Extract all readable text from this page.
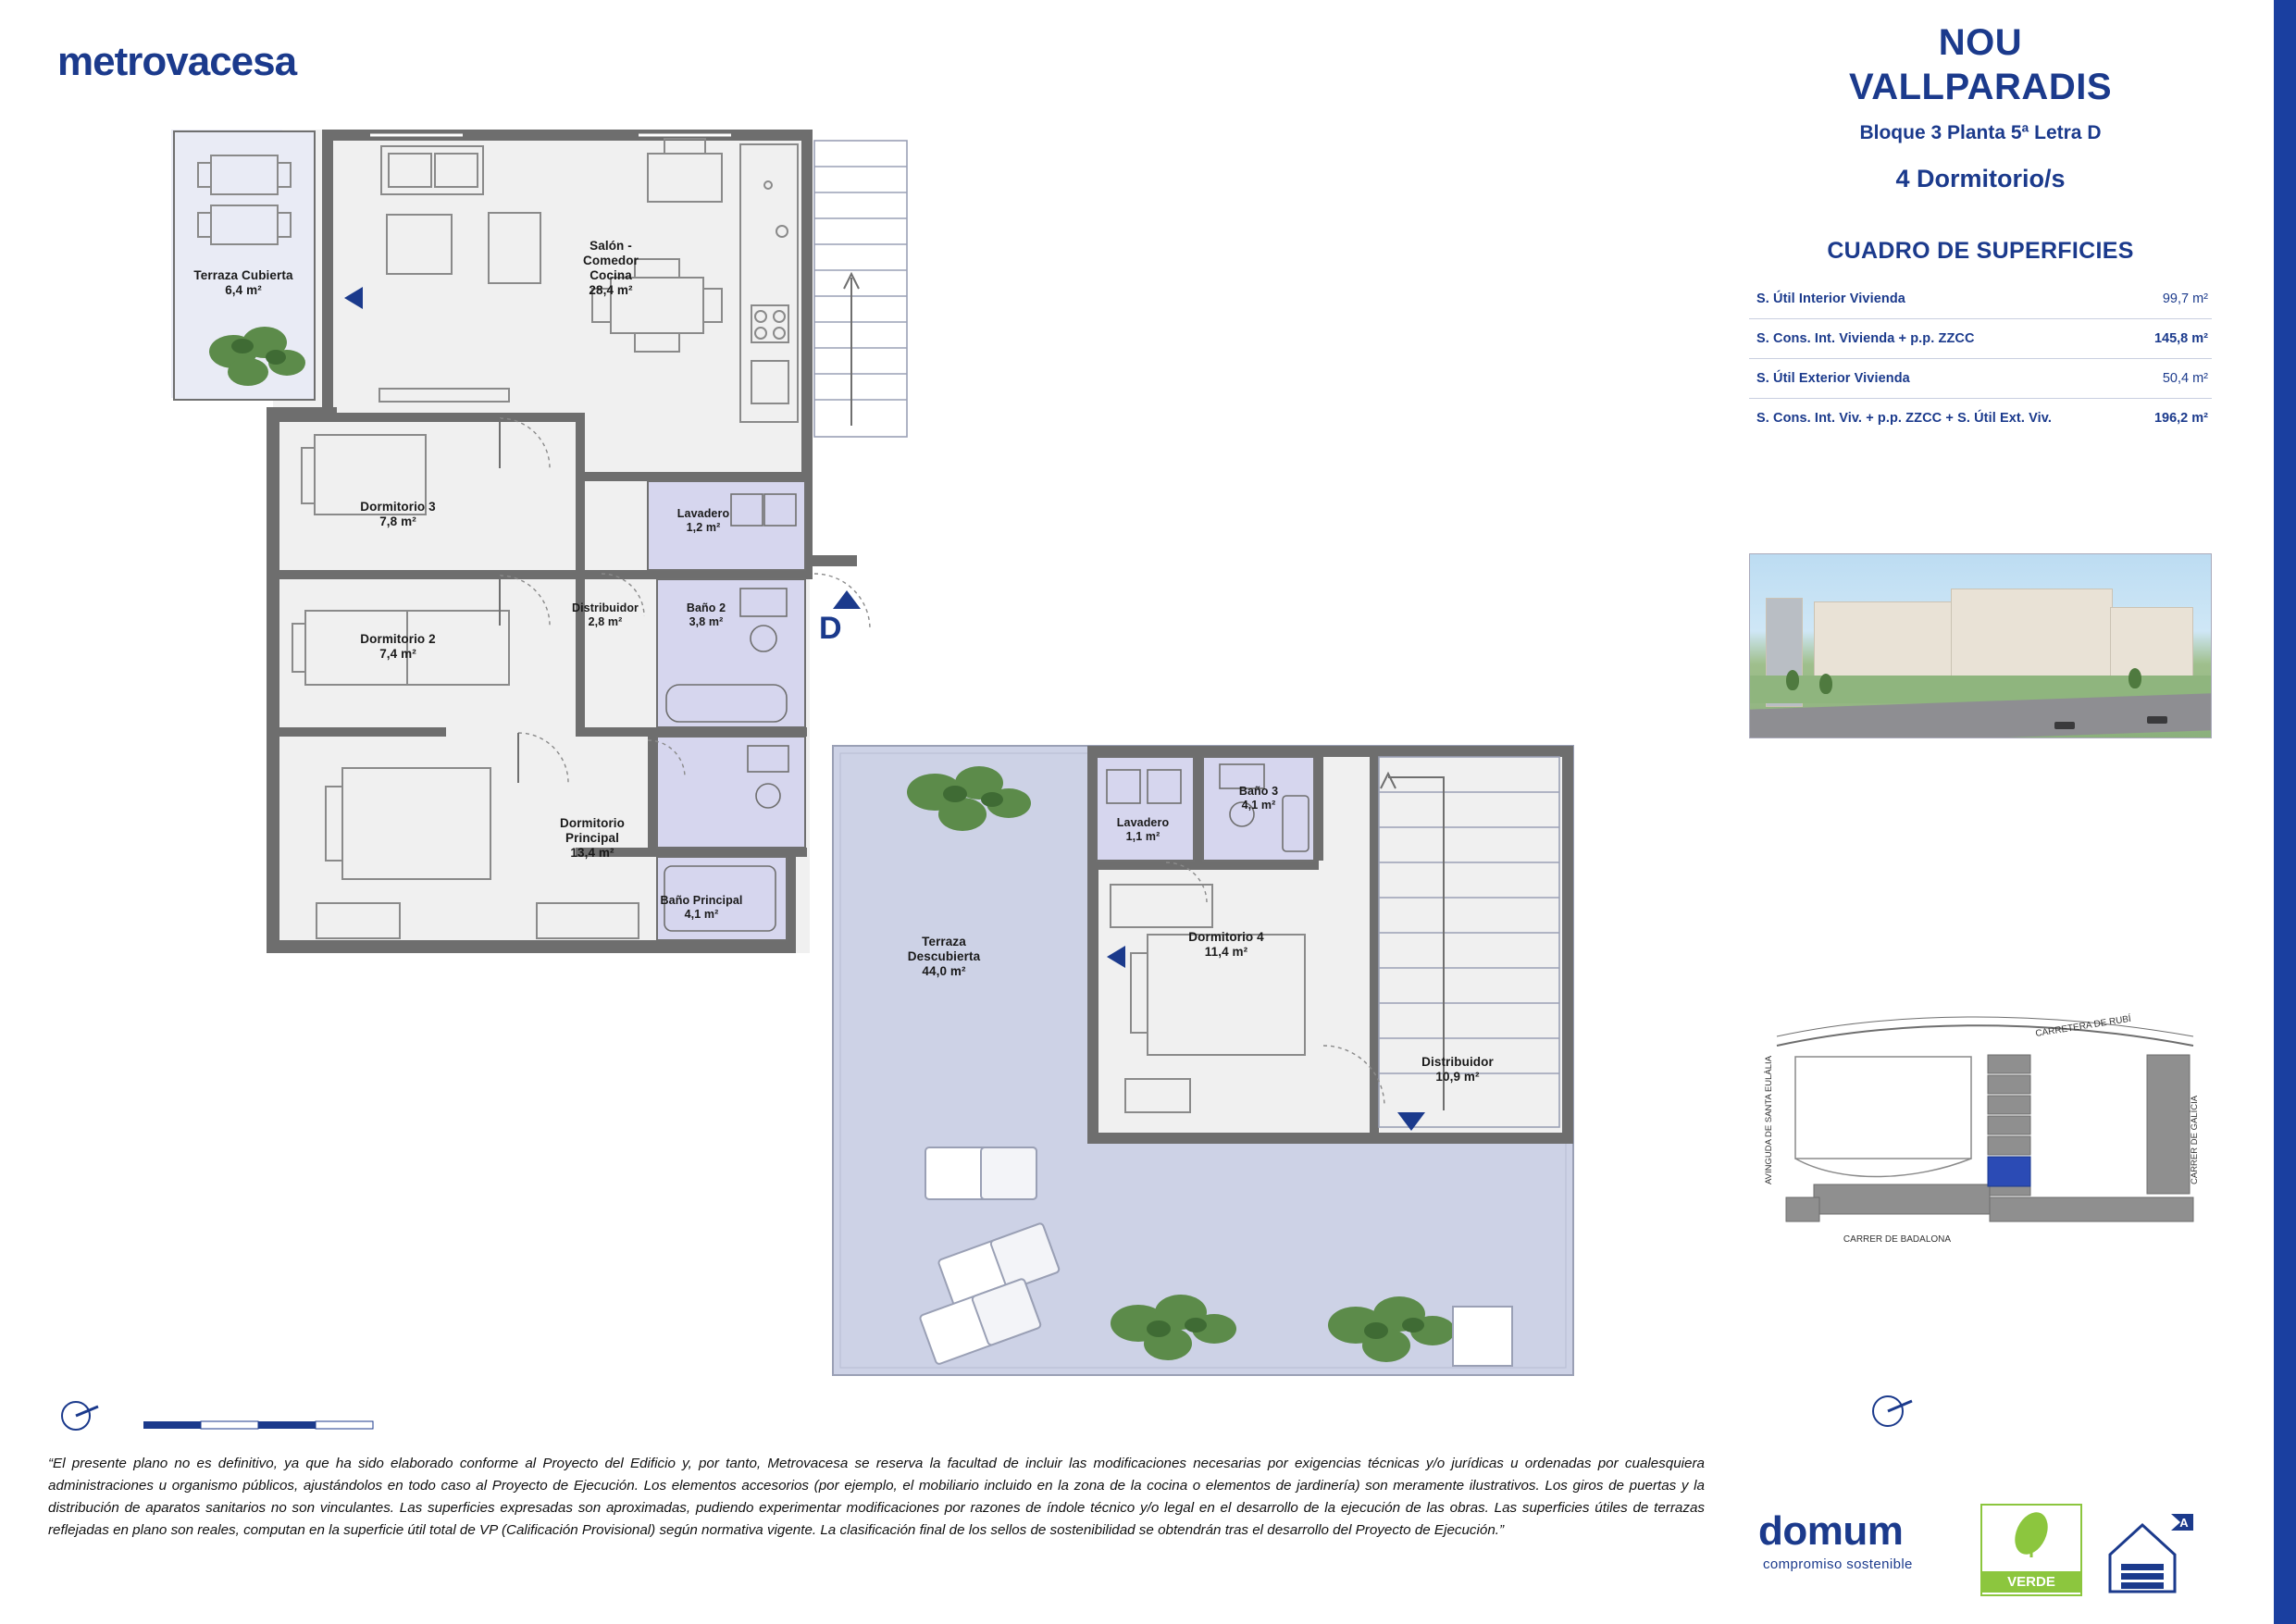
metrovacesa
Terraza Cubierta
6,4 m²
Salón -
Comedor
Cocina
28,4 m²
Dormitorio 3
7,8 m²
Lavadero
1,2 m²
Distribuidor
2,8 m²
Baño 2
3,8 m²
Dormitorio 2
7,4 m²
Dormitorio
Principal
13,4 m²
Baño Principal
4,1 m²
Terraza
Descubierta
44,0 m²
Lavadero
1,1 m²
Baño 3
4,1 m²
Dormitorio 4
11,4 m²
Distribuidor
10,9 m²
D
NOU
VALLPARADIS
Bloque 3 Planta 5ª Letra D
4 Dormitorio/s
CUADRO DE SUPERFICIES
S. Útil Interior Vivienda	99,7 m²

S. Cons. Int. Vivienda + p.p. ZZCC	145,8 m²

S. Útil Exterior Vivienda	50,4 m²

S. Cons. Int. Viv. + p.p. ZZCC + S. Útil Ext. Viv.	196,2 m²
CARRETERA DE RUBÍ
AVINGUDA DE SANTA EULÀLIA	CARRER DE GALÍCIA
CARRER DE BADALONA
“El presente plano no es definitivo, ya que ha sido elaborado conforme al Proyecto del Edificio y, por tanto, Metrovacesa se reserva la facultad de incluir las modificaciones necesarias por exigencias técnicas y/o jurídicas u ordenadas por cualesquiera administraciones u organismo públicos, ajustándolos en todo caso al Proyecto de Ejecución. Los elementos accesorios (por ejemplo, el mobiliario incluido en la zona de la cocina o elementos de jardinería) son meramente ilustrativos. Los giros de puertas y la distribución de aparatos sanitarios no son vinculantes. Las superficies expresadas son aproximadas, pudiendo experimentar modificaciones por razones de índole técnico y/o legal en el desarrollo de la ejecución de las obras. Las superficies útiles de terrazas reflejadas en plano son reales, computan en la superficie útil total de VP (Calificación Provisional) según normativa vigente. La clasificación final de los sellos de sostenibilidad se obtendrán tras el desarrollo del Proyecto de Ejecución.”	domum
compromiso sostenible
VERDE
A
